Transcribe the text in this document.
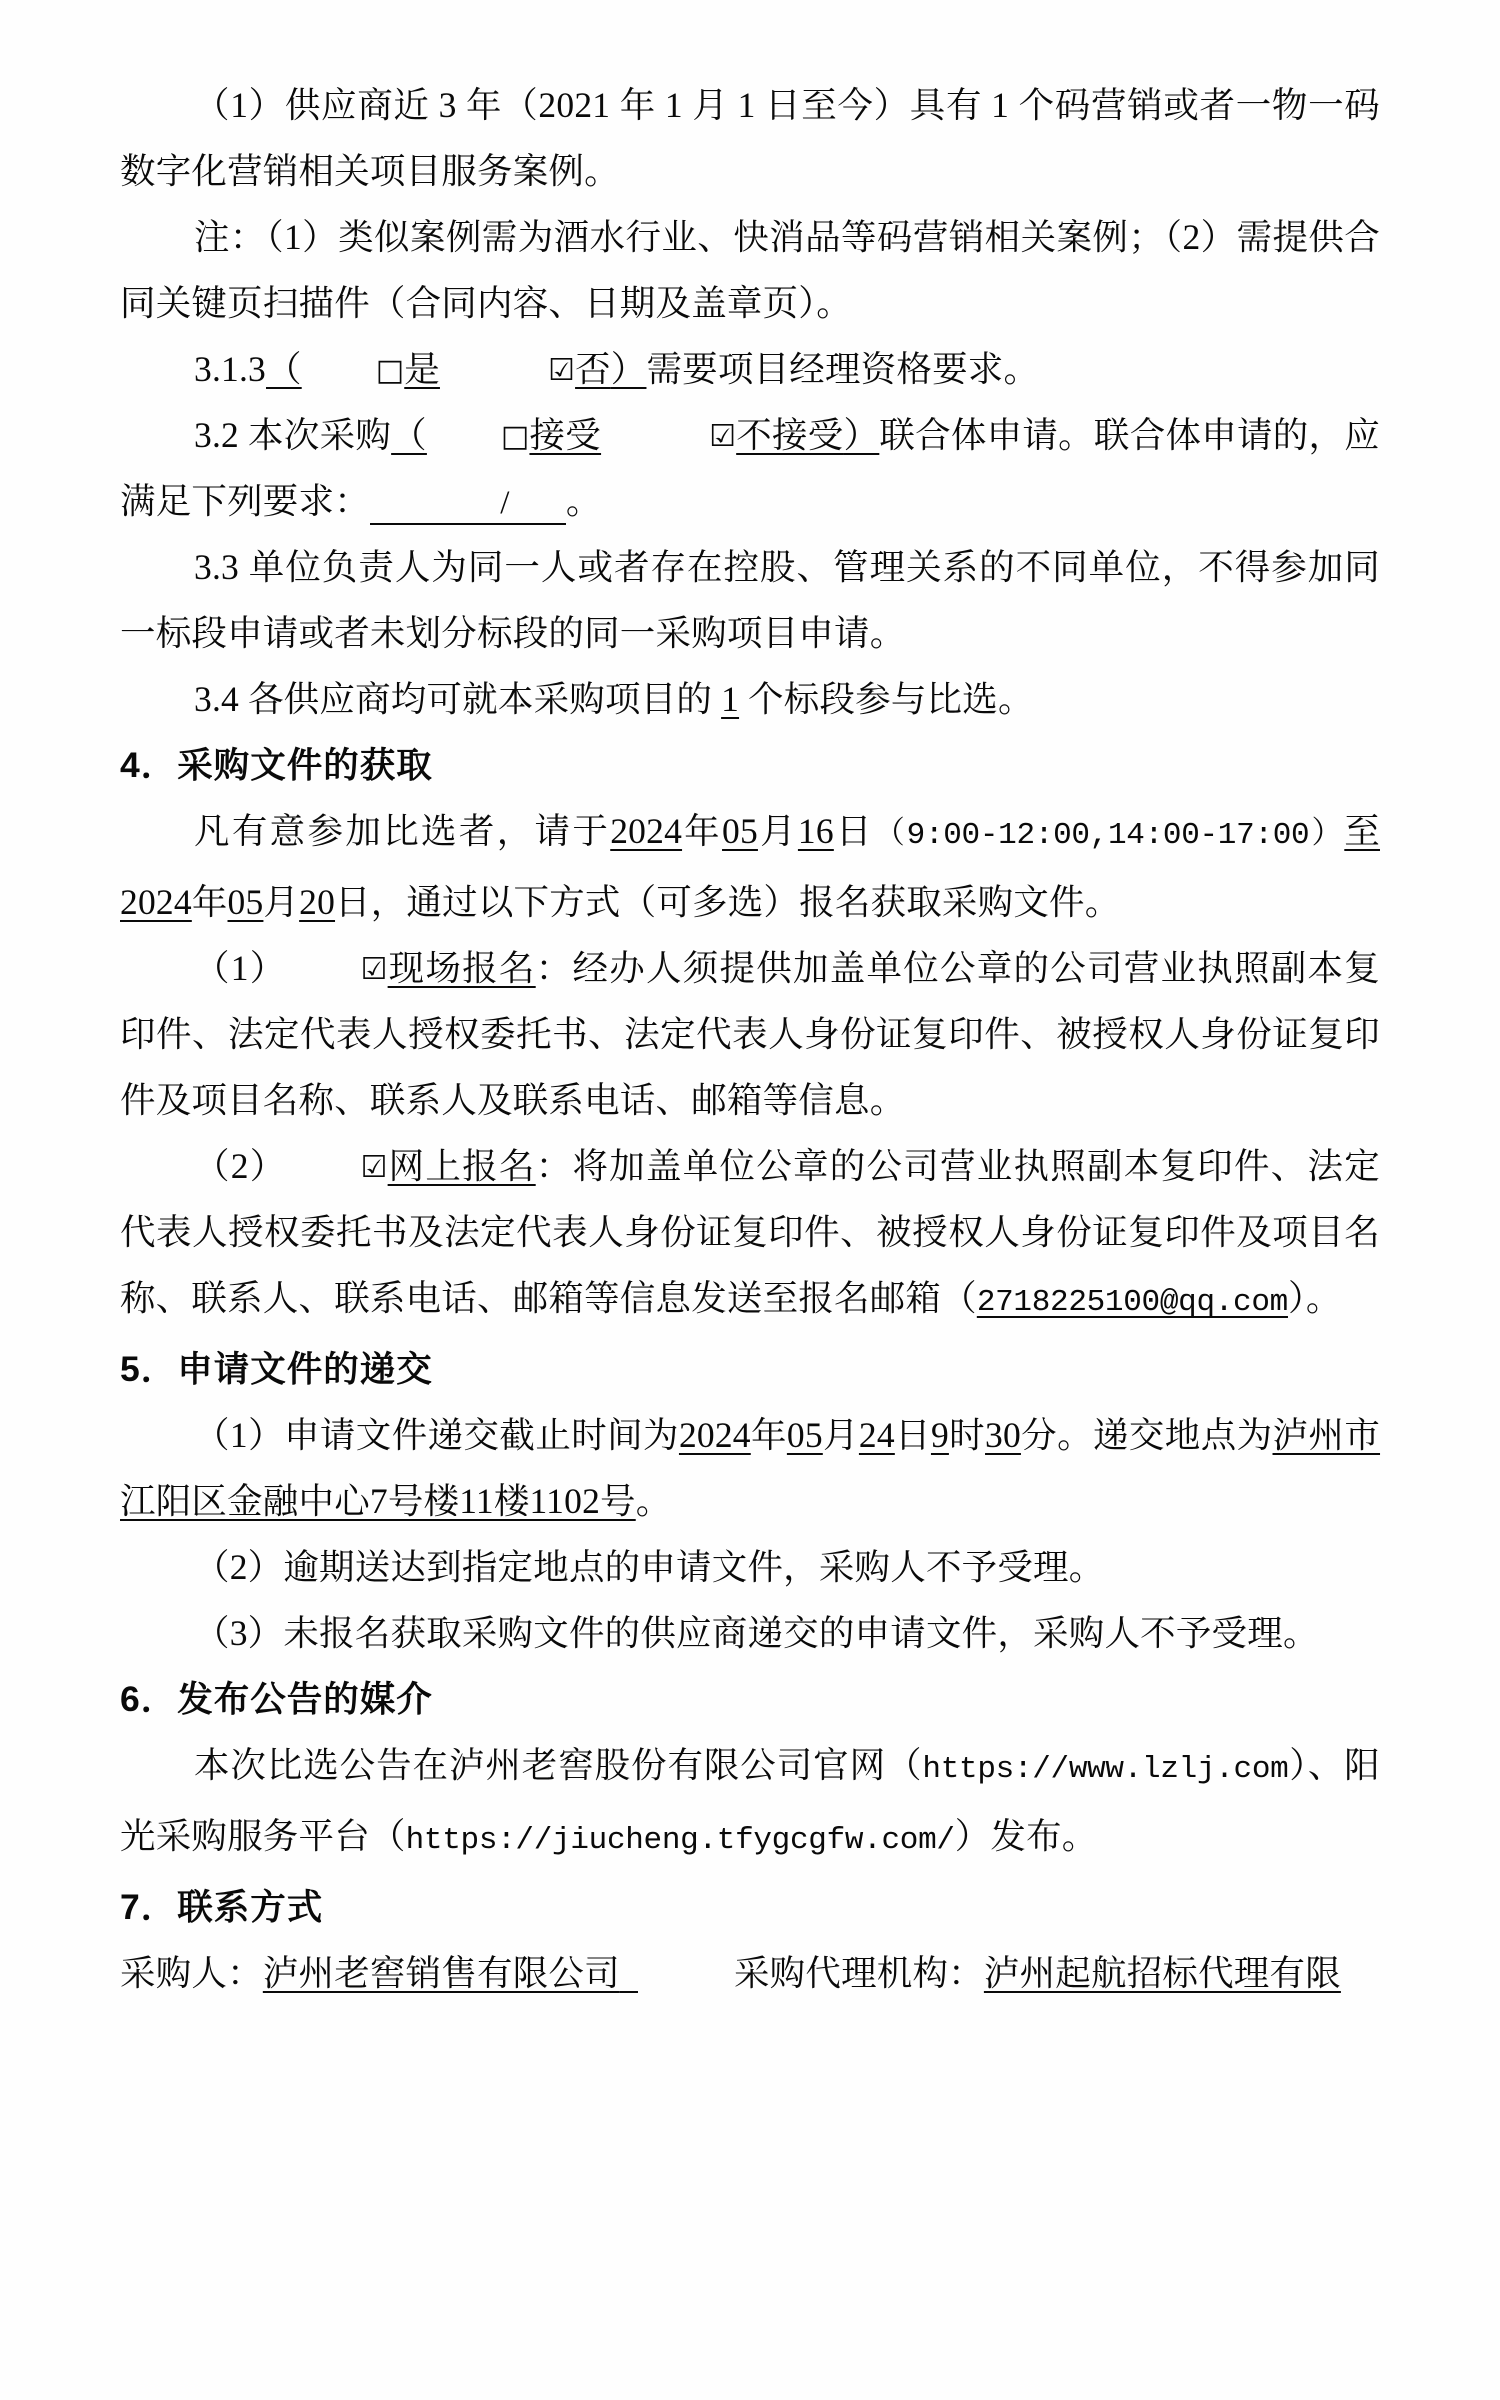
（1）供应商近 3 年（2021 年 1 月 1 日至今）具有 1 个码营销或者一物一码数字化营销相关项目服务案例。

注：（1）类似案例需为酒水行业、快消品等码营销相关案例；（2）需提供合同关键页扫描件（合同内容、日期及盖章页）。

3.1.3（ □是	☑否）需要项目经理资格要求。

3.2 本次采购（ □接受	☑不接受）联合体申请。联合体申请的，应满足下列要求：	/ 。

3.3 单位负责人为同一人或者存在控股、管理关系的不同单位，不得参加同一标段申请或者未划分标段的同一采购项目申请。

3.4 各供应商均可就本采购项目的 1 个标段参与比选。

4．采购文件的获取

凡有意参加比选者，请于2024年05月16日（9:00-12:00,14:00-17:00）至2024年05月20日，通过以下方式（可多选）报名获取采购文件。

（1） ☑现场报名：经办人须提供加盖单位公章的公司营业执照副本复印件、法定代表人授权委托书、法定代表人身份证复印件、被授权人身份证复印件及项目名称、联系人及联系电话、邮箱等信息。

（2） ☑网上报名：将加盖单位公章的公司营业执照副本复印件、法定代表人授权委托书及法定代表人身份证复印件、被授权人身份证复印件及项目名称、联系人、联系电话、邮箱等信息发送至报名邮箱（2718225100@qq.com）。

5．申请文件的递交

（1）申请文件递交截止时间为2024年05月24日9时30分。递交地点为泸州市江阳区金融中心7号楼11楼1102号。

（2）逾期送达到指定地点的申请文件，采购人不予受理。

（3）未报名获取采购文件的供应商递交的申请文件，采购人不予受理。

6．发布公告的媒介

本次比选公告在泸州老窖股份有限公司官网（https://www.lzlj.com）、阳光采购服务平台（https://jiucheng.tfygcgfw.com/）发布。

7．联系方式

采购人：泸州老窖销售有限公司	采购代理机构：泸州起航招标代理有限
